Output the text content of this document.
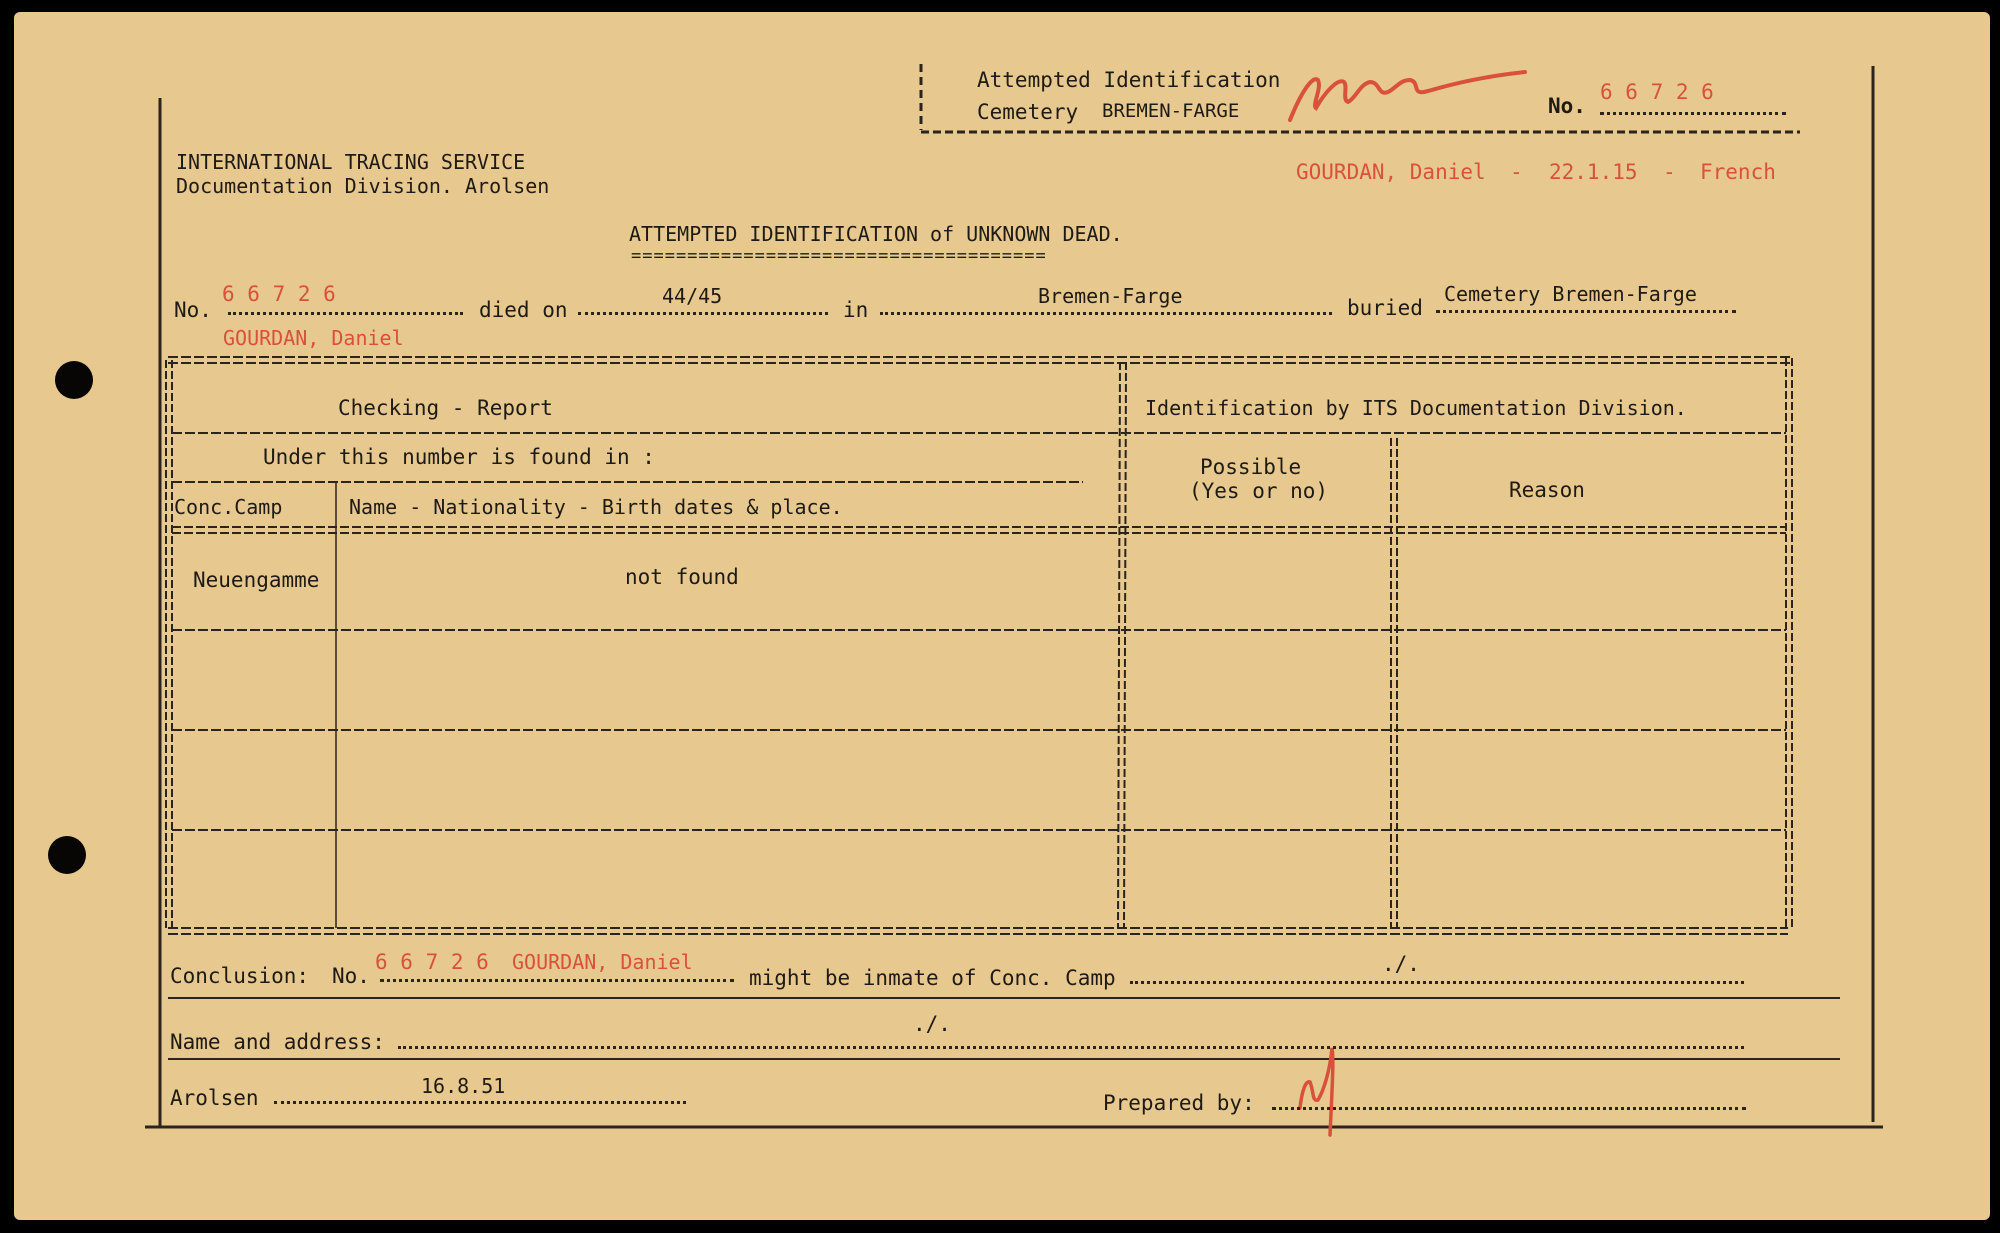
Attempted Identification
Cemetery BREMEN-FARGE	No.
6 6 7 2 6
INTERNATIONAL TRACING SERVICE
Documentation Division. Arolsen
GOURDAN, Daniel - 22.1.15 - French
ATTEMPTED IDENTIFICATION of UNKNOWN DEAD.
=====================================
No.
6 6 7 2 6
died on
44/45
in
Bremen-Farge	buried
Cemetery Bremen-Farge
GOURDAN, Daniel
Checking - Report	Identification by ITS Documentation Division.
Under this number is found in :
Conc.Camp	Name - Nationality - Birth dates & place.
Possible
(Yes or no)	Reason
Neuengamme	not found
Conclusion: No.
6 6 7 2 6 GOURDAN, Daniel
might be inmate of Conc. Camp
./.
Name and address:
./.
Arolsen	16.8.51
Prepared by:
